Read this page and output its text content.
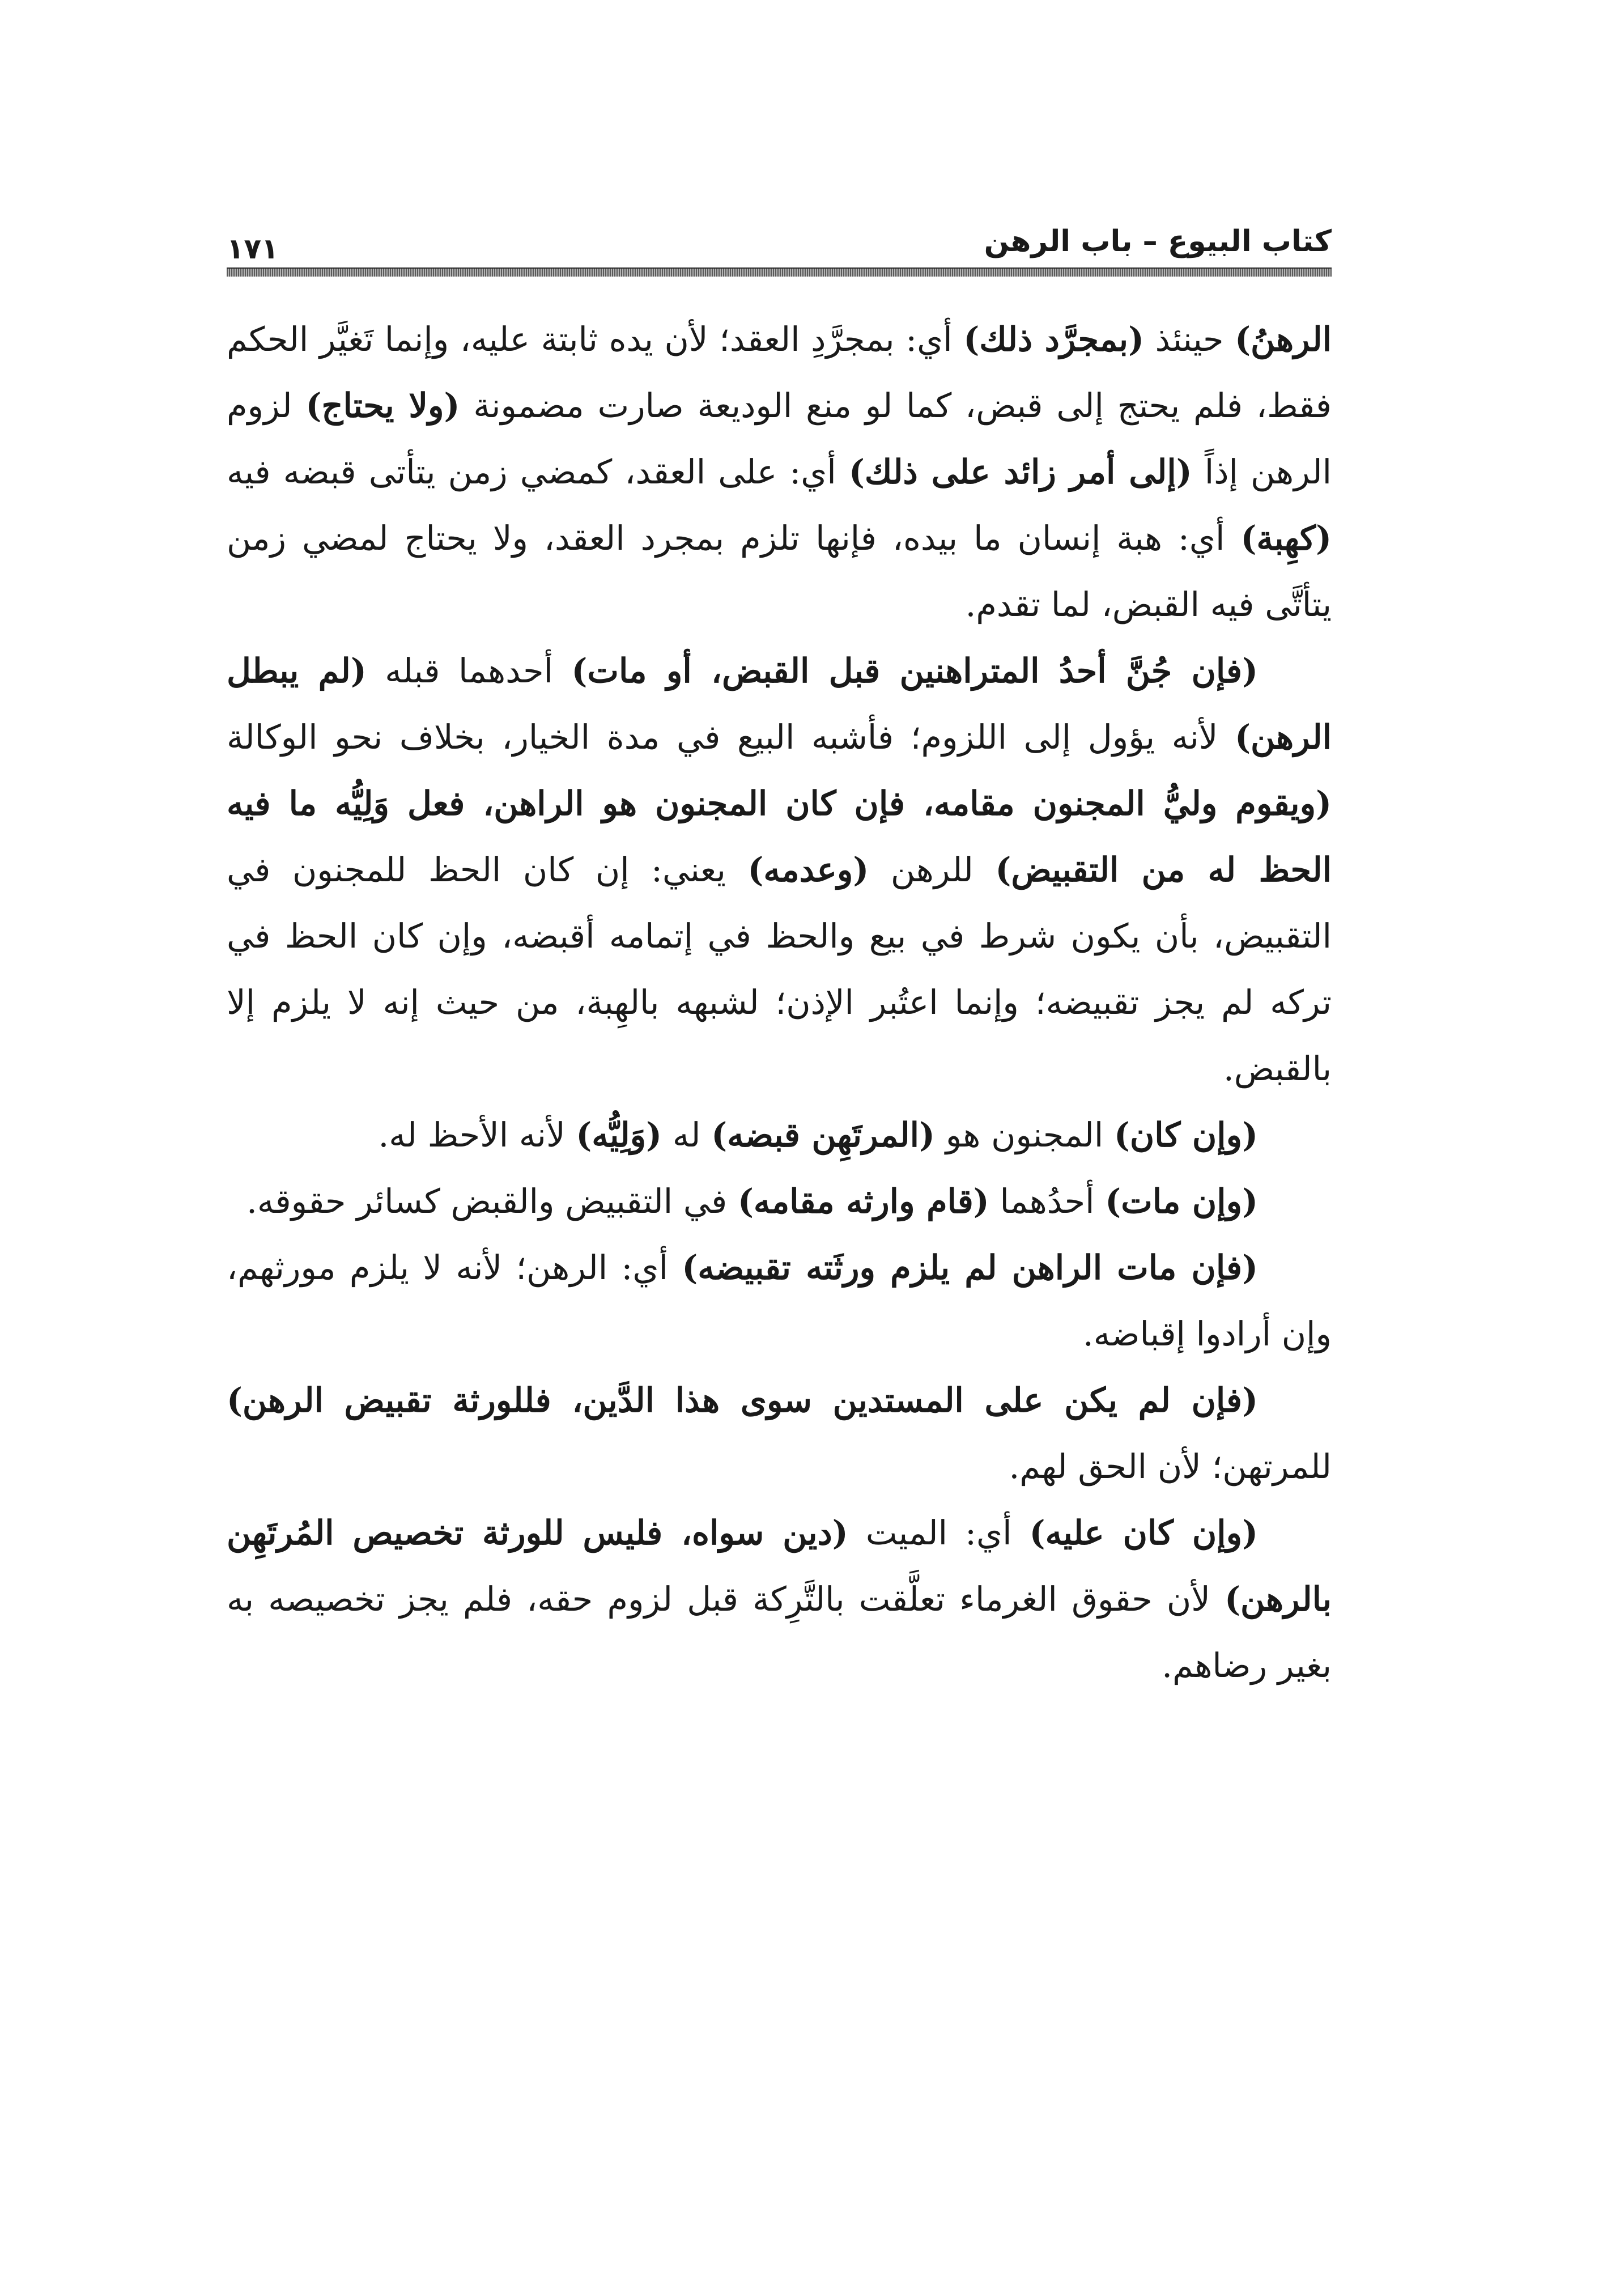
كتاب البيوع – باب الرهن
١٧١

الرهنُ) حينئذ (بمجرَّد ذلك) أي: بمجرَّدِ العقد؛ لأن يده ثابتة عليه، وإنما تَغيَّر الحكم فقط، فلم يحتج إلى قبض، كما لو منع الوديعة صارت مضمونة (ولا يحتاج) لزوم الرهن إذاً (إلى أمر زائد على ذلك) أي: على العقد، كمضي زمن يتأتى قبضه فيه (كهِبة) أي: هبة إنسان ما بيده، فإنها تلزم بمجرد العقد، ولا يحتاج لمضي زمن يتأتَّى فيه القبض، لما تقدم.

(فإن جُنَّ أحدُ المتراهنين قبل القبض، أو مات) أحدهما قبله (لم يبطل الرهن) لأنه يؤول إلى اللزوم؛ فأشبه البيع في مدة الخيار، بخلاف نحو الوكالة (ويقوم وليُّ المجنون مقامه، فإن كان المجنون هو الراهن، فعل وَلِيُّه ما فيه الحظ له من التقبيض) للرهن (وعدمه) يعني: إن كان الحظ للمجنون في التقبيض، بأن يكون شرط في بيع والحظ في إتمامه أقبضه، وإن كان الحظ في تركه لم يجز تقبيضه؛ وإنما اعتُبر الإذن؛ لشبهه بالهِبة، من حيث إنه لا يلزم إلا بالقبض.

(وإن كان) المجنون هو (المرتَهِن قبضه) له (وَلِيُّه) لأنه الأحظ له.

(وإن مات) أحدُهما (قام وارثه مقامه) في التقبيض والقبض كسائر حقوقه.

(فإن مات الراهن لم يلزم ورثَته تقبيضه) أي: الرهن؛ لأنه لا يلزم مورثهم، وإن أرادوا إقباضه.

(فإن لم يكن على المستدين سوى هذا الدَّين، فللورثة تقبيض الرهن) للمرتهن؛ لأن الحق لهم.

(وإن كان عليه) أي: الميت (دين سواه، فليس للورثة تخصيص المُرتَهِن بالرهن) لأن حقوق الغرماء تعلَّقت بالتَّرِكة قبل لزوم حقه، فلم يجز تخصيصه به بغير رضاهم.
